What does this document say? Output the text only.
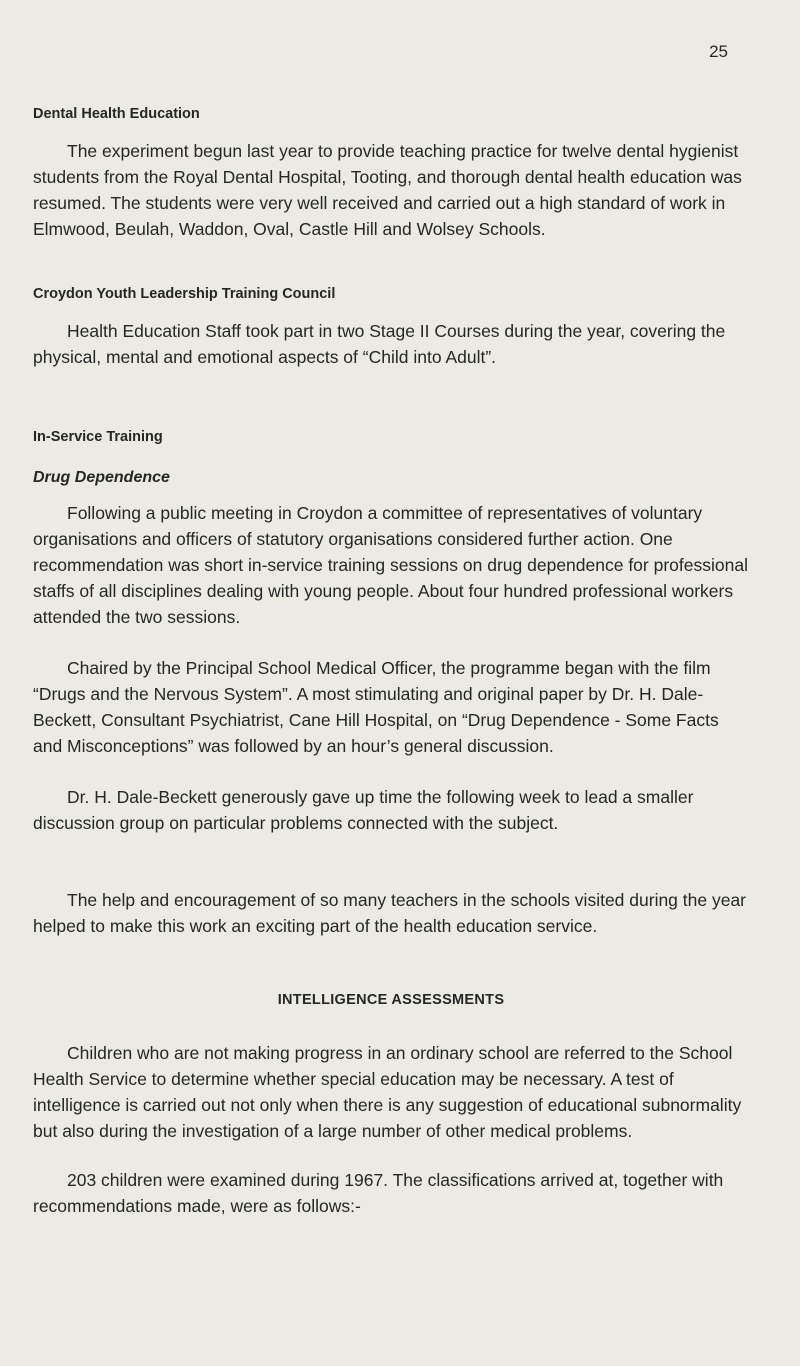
25

Dental Health Education

The experiment begun last year to provide teaching practice for twelve dental hygienist students from the Royal Dental Hospital, Tooting, and thorough dental health education was resumed. The students were very well received and carried out a high standard of work in Elmwood, Beulah, Waddon, Oval, Castle Hill and Wolsey Schools.

Croydon Youth Leadership Training Council

Health Education Staff took part in two Stage II Courses during the year, covering the physical, mental and emotional aspects of “Child into Adult”.

In-Service Training
Drug Dependence

Following a public meeting in Croydon a committee of representatives of voluntary organisations and officers of statutory organisations considered further action. One recommendation was short in-service training sessions on drug dependence for professional staffs of all disciplines dealing with young people. About four hundred professional workers attended the two sessions.

Chaired by the Principal School Medical Officer, the programme began with the film “Drugs and the Nervous System”. A most stimulating and original paper by Dr. H. Dale-Beckett, Consultant Psychiatrist, Cane Hill Hospital, on “Drug Dependence - Some Facts and Misconceptions” was followed by an hour’s general discussion.

Dr. H. Dale-Beckett generously gave up time the following week to lead a smaller discussion group on particular problems connected with the subject.

The help and encouragement of so many teachers in the schools visited during the year helped to make this work an exciting part of the health education service.

INTELLIGENCE ASSESSMENTS

Children who are not making progress in an ordinary school are referred to the School Health Service to determine whether special education may be necessary. A test of intelligence is carried out not only when there is any suggestion of educational subnormality but also during the investigation of a large number of other medical problems.

203 children were examined during 1967. The classifications arrived at, together with recommendations made, were as follows:-
